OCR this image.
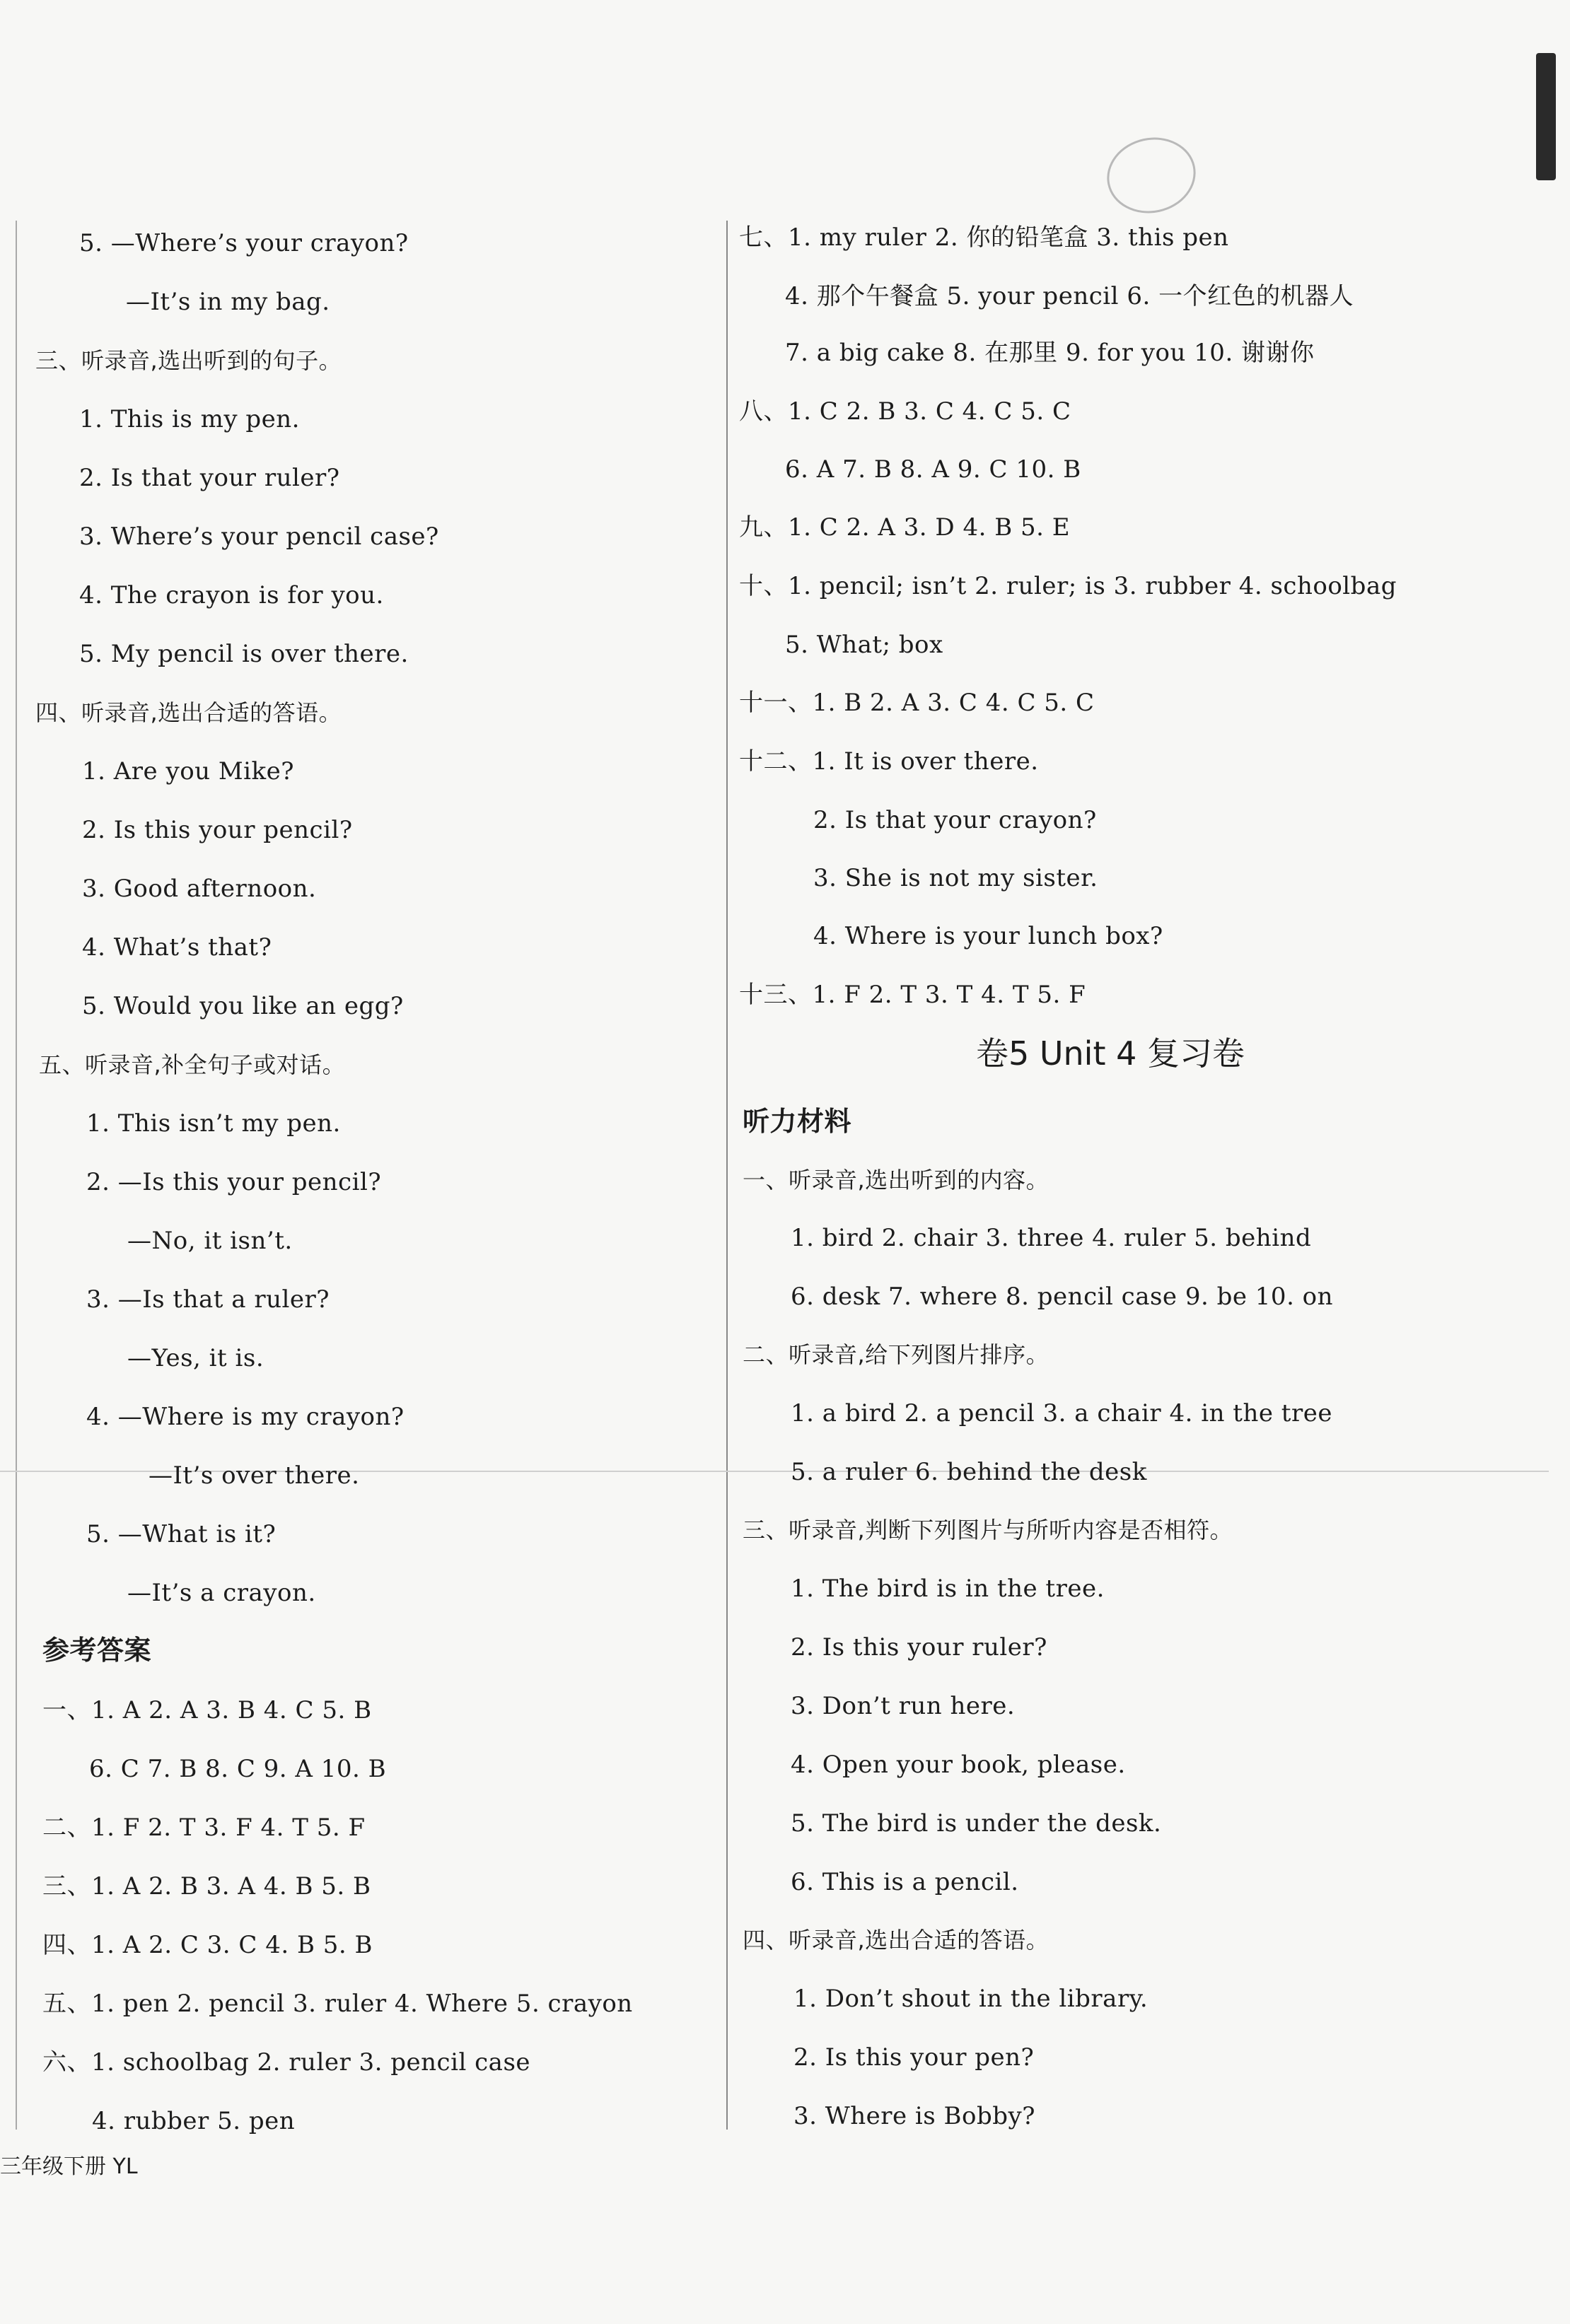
5. —Where’s your crayon?
—It’s in my bag.
三、听录音,选出听到的句子。
1. This is my pen.
2. Is that your ruler?
3. Where’s your pencil case?
4. The crayon is for you.
5. My pencil is over there.
四、听录音,选出合适的答语。
1. Are you Mike?
2. Is this your pencil?
3. Good afternoon.
4. What’s that?
5. Would you like an egg?
五、听录音,补全句子或对话。
1. This isn’t my pen.
2. —Is this your pencil?
—No, it isn’t.
3. —Is that a ruler?
—Yes, it is.
4. —Where is my crayon?
—It’s over there.
5. —What is it?
—It’s a crayon.
参考答案
一、1. A 2. A 3. B 4. C 5. B
6. C 7. B 8. C 9. A 10. B
二、1. F 2. T 3. F 4. T 5. F
三、1. A 2. B 3. A 4. B 5. B
四、1. A 2. C 3. C 4. B 5. B
五、1. pen 2. pencil 3. ruler 4. Where 5. crayon
六、1. schoolbag 2. ruler 3. pencil case
4. rubber 5. pen
七、1. my ruler 2. 你的铅笔盒 3. this pen
4. 那个午餐盒 5. your pencil 6. 一个红色的机器人
7. a big cake 8. 在那里 9. for you 10. 谢谢你
八、1. C 2. B 3. C 4. C 5. C
6. A 7. B 8. A 9. C 10. B
九、1. C 2. A 3. D 4. B 5. E
十、1. pencil; isn’t 2. ruler; is 3. rubber 4. schoolbag
5. What; box
十一、1. B 2. A 3. C 4. C 5. C
十二、1. It is over there.
2. Is that your crayon?
3. She is not my sister.
4. Where is your lunch box?
十三、1. F 2. T 3. T 4. T 5. F
卷5 Unit 4 复习卷
听力材料
一、听录音,选出听到的内容。
1. bird 2. chair 3. three 4. ruler 5. behind
6. desk 7. where 8. pencil case 9. be 10. on
二、听录音,给下列图片排序。
1. a bird 2. a pencil 3. a chair 4. in the tree
5. a ruler 6. behind the desk
三、听录音,判断下列图片与所听内容是否相符。
1. The bird is in the tree.
2. Is this your ruler?
3. Don’t run here.
4. Open your book, please.
5. The bird is under the desk.
6. This is a pencil.
四、听录音,选出合适的答语。
1. Don’t shout in the library.
2. Is this your pen?
3. Where is Bobby?
三年级下册 YL
